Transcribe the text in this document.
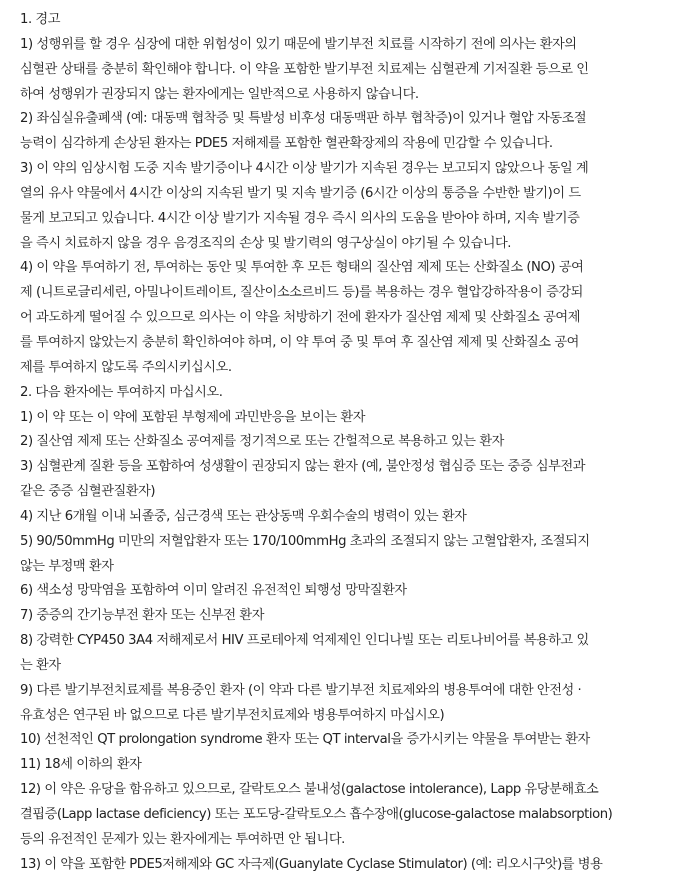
1. 경고
1) 성행위를 할 경우 심장에 대한 위험성이 있기 때문에 발기부전 치료를 시작하기 전에 의사는 환자의
심혈관 상태를 충분히 확인해야 합니다. 이 약을 포함한 발기부전 치료제는 심혈관계 기저질환 등으로 인
하여 성행위가 권장되지 않는 환자에게는 일반적으로 사용하지 않습니다.
2) 좌심실유출폐색 (예: 대동맥 협착증 및 특발성 비후성 대동맥판 하부 협착증)이 있거나 혈압 자동조절
능력이 심각하게 손상된 환자는 PDE5 저해제를 포함한 혈관확장제의 작용에 민감할 수 있습니다.
3) 이 약의 임상시험 도중 지속 발기증이나 4시간 이상 발기가 지속된 경우는 보고되지 않았으나 동일 계
열의 유사 약물에서 4시간 이상의 지속된 발기 및 지속 발기증 (6시간 이상의 통증을 수반한 발기)이 드
물게 보고되고 있습니다. 4시간 이상 발기가 지속될 경우 즉시 의사의 도움을 받아야 하며, 지속 발기증
을 즉시 치료하지 않을 경우 음경조직의 손상 및 발기력의 영구상실이 야기될 수 있습니다.
4) 이 약을 투여하기 전, 투여하는 동안 및 투여한 후 모든 형태의 질산염 제제 또는 산화질소 (NO) 공여
제 (니트로글리세린, 아밀나이트레이트, 질산이소소르비드 등)를 복용하는 경우 혈압강하작용이 증강되
어 과도하게 떨어질 수 있으므로 의사는 이 약을 처방하기 전에 환자가 질산염 제제 및 산화질소 공여제
를 투여하지 않았는지 충분히 확인하여야 하며, 이 약 투여 중 및 투여 후 질산염 제제 및 산화질소 공여
제를 투여하지 않도록 주의시키십시오.
2. 다음 환자에는 투여하지 마십시오.
1) 이 약 또는 이 약에 포함된 부형제에 과민반응을 보이는 환자
2) 질산염 제제 또는 산화질소 공여제를 정기적으로 또는 간헐적으로 복용하고 있는 환자
3) 심혈관계 질환 등을 포함하여 성생활이 권장되지 않는 환자 (예, 불안정성 협심증 또는 중증 심부전과
같은 중증 심혈관질환자)
4) 지난 6개월 이내 뇌졸중, 심근경색 또는 관상동맥 우회수술의 병력이 있는 환자
5) 90/50mmHg 미만의 저혈압환자 또는 170/100mmHg 초과의 조절되지 않는 고혈압환자, 조절되지
않는 부정맥 환자
6) 색소성 망막염을 포함하여 이미 알려진 유전적인 퇴행성 망막질환자
7) 중증의 간기능부전 환자 또는 신부전 환자
8) 강력한 CYP450 3A4 저해제로서 HIV 프로테아제 억제제인 인디나빌 또는 리토나비어를 복용하고 있
는 환자
9) 다른 발기부전치료제를 복용중인 환자 (이 약과 다른 발기부전 치료제와의 병용투여에 대한 안전성 ·
유효성은 연구된 바 없으므로 다른 발기부전치료제와 병용투여하지 마십시오)
10) 선천적인 QT prolongation syndrome 환자 또는 QT interval을 증가시키는 약물을 투여받는 환자
11) 18세 이하의 환자
12) 이 약은 유당을 함유하고 있으므로, 갈락토오스 불내성(galactose intolerance), Lapp 유당분해효소
결핍증(Lapp lactase deficiency) 또는 포도당-갈락토오스 흡수장애(glucose-galactose malabsorption)
등의 유전적인 문제가 있는 환자에게는 투여하면 안 됩니다.
13) 이 약을 포함한 PDE5저해제와 GC 자극제(Guanylate Cyclase Stimulator) (예: 리오시구앗)를 병용
